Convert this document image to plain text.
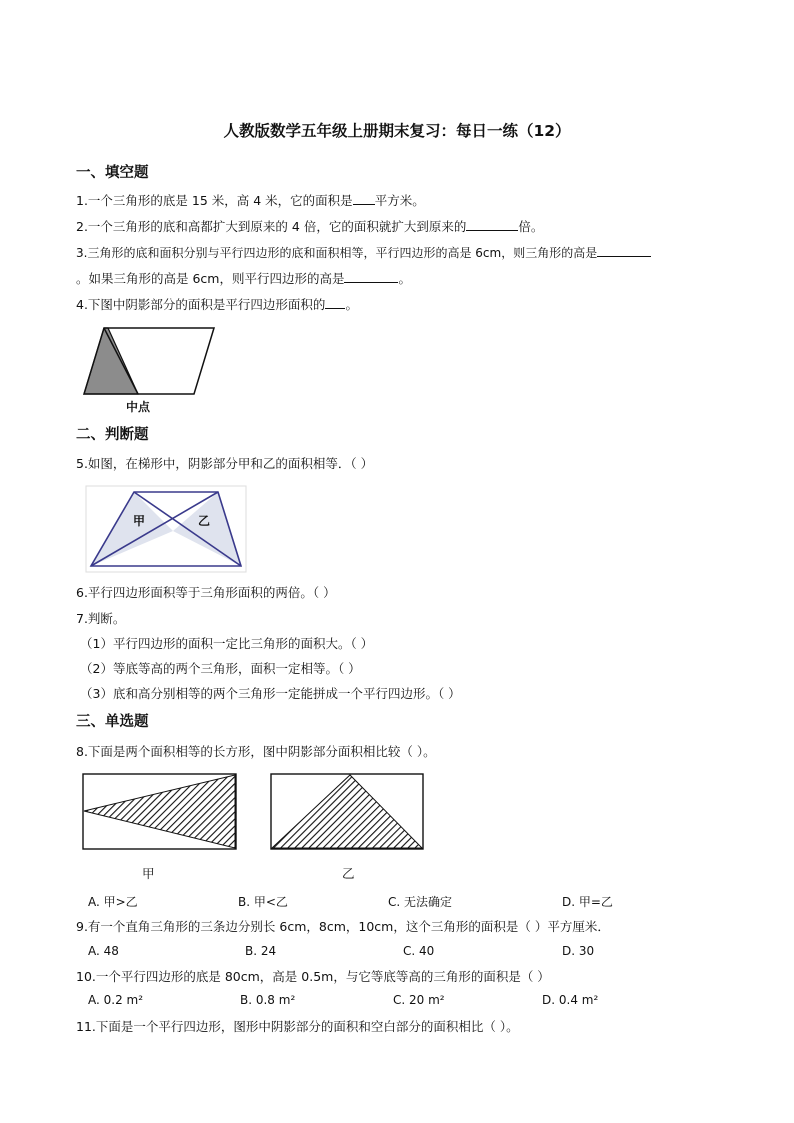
人教版数学五年级上册期末复习：每日一练（12）
一、填空题
1.一个三角形的底是 15 米，高 4 米，它的面积是 平方米。
2.一个三角形的底和高都扩大到原来的 4 倍，它的面积就扩大到原来的	倍。
3.三角形的底和面积分别与平行四边形的底和面积相等，平行四边形的高是 6cm，则三角形的高是
。如果三角形的高是 6cm，则平行四边形的高是	。
4.下图中阴影部分的面积是平行四边形面积的 。
中点
二、判断题
5.如图，在梯形中，阴影部分甲和乙的面积相等．（ ）
甲	乙
6.平行四边形面积等于三角形面积的两倍。（ ）
7.判断。
（1）平行四边形的面积一定比三角形的面积大。（ ）
（2）等底等高的两个三角形，面积一定相等。（ ）
（3）底和高分别相等的两个三角形一定能拼成一个平行四边形。（ ）
三、单选题
8.下面是两个面积相等的长方形，图中阴影部分面积相比较（ ）。
甲	乙
A. 甲>乙	B. 甲<乙	C. 无法确定	D. 甲=乙
9.有一个直角三角形的三条边分别长 6cm，8cm，10cm，这个三角形的面积是（ ）平方厘米．
A. 48	B. 24	C. 40	D. 30
10.一个平行四边形的底是 80cm，高是 0.5m，与它等底等高的三角形的面积是（ ）
A. 0.2 m²	B. 0.8 m²	C. 20 m²	D. 0.4 m²
11.下面是一个平行四边形，图形中阴影部分的面积和空白部分的面积相比（ ）。
